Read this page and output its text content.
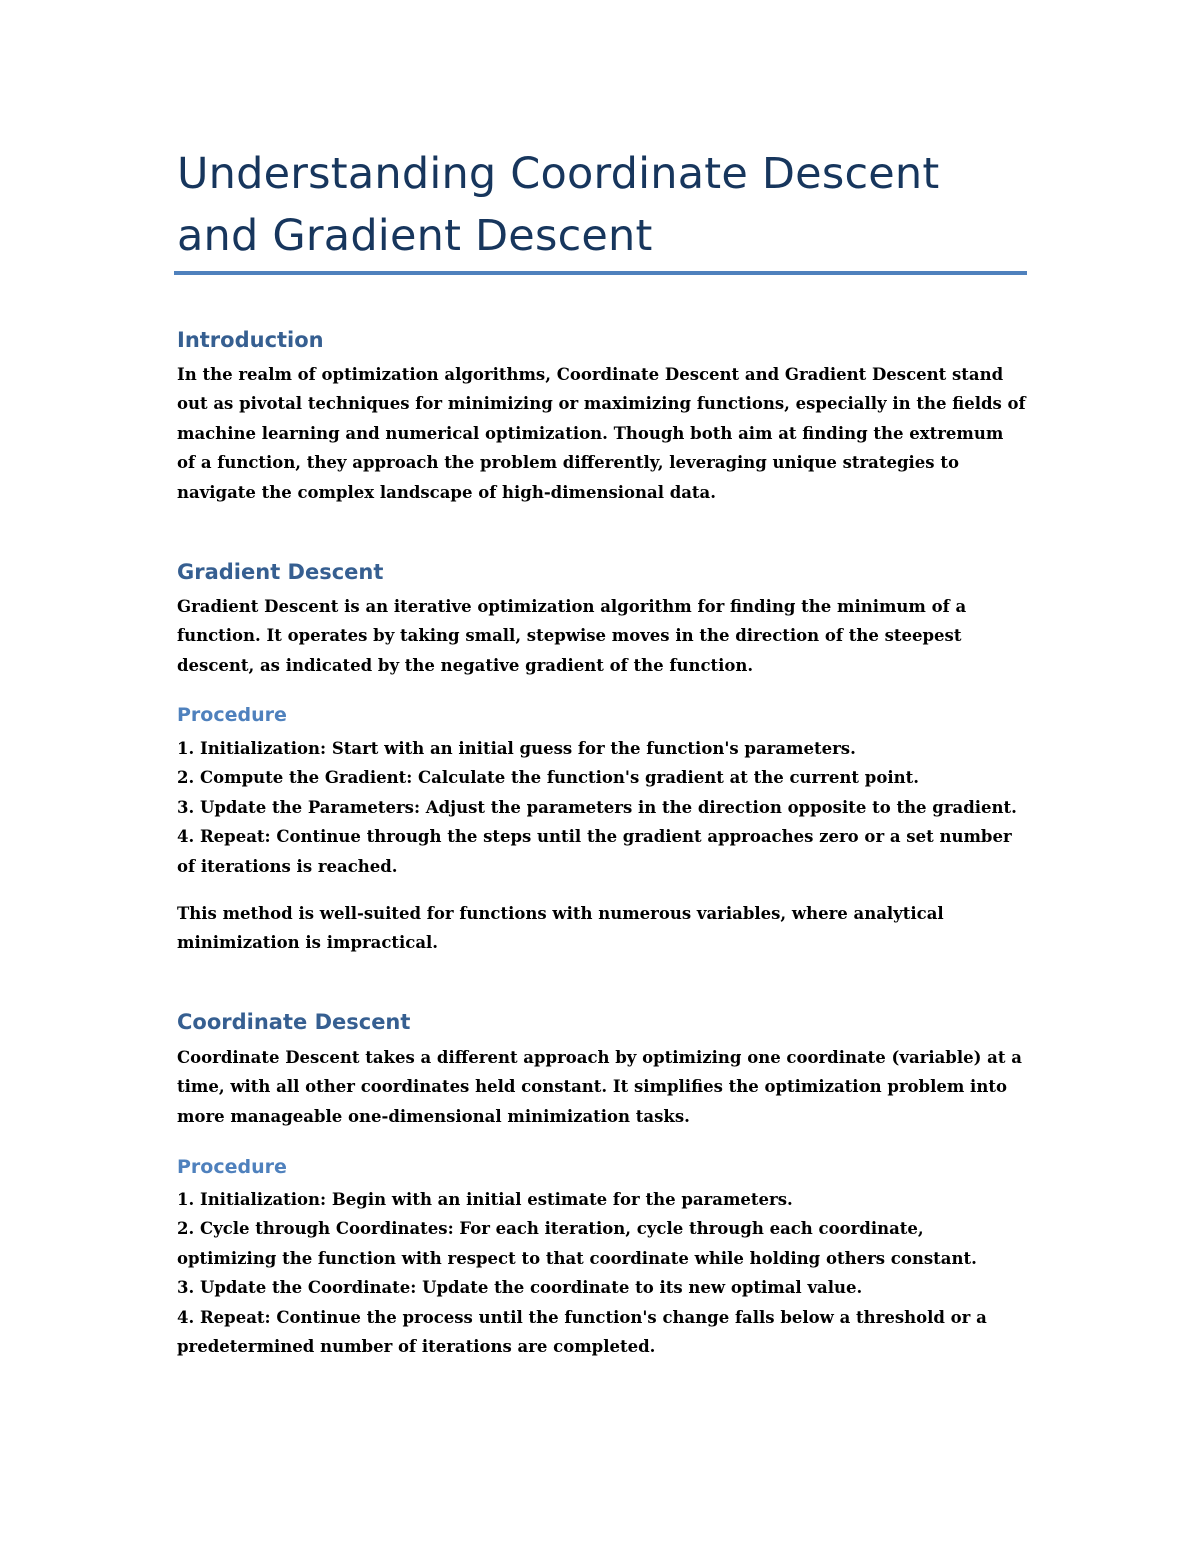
Understanding Coordinate Descent and Gradient Descent
Introduction

In the realm of optimization algorithms, Coordinate Descent and Gradient Descent stand out as pivotal techniques for minimizing or maximizing functions, especially in the fields of machine learning and numerical optimization. Though both aim at finding the extremum of a function, they approach the problem differently, leveraging unique strategies to navigate the complex landscape of high-dimensional data.

Gradient Descent

Gradient Descent is an iterative optimization algorithm for finding the minimum of a function. It operates by taking small, stepwise moves in the direction of the steepest descent, as indicated by the negative gradient of the function.

Procedure
1. Initialization: Start with an initial guess for the function's parameters.
2. Compute the Gradient: Calculate the function's gradient at the current point.
3. Update the Parameters: Adjust the parameters in the direction opposite to the gradient.
4. Repeat: Continue through the steps until the gradient approaches zero or a set number of iterations is reached.

This method is well-suited for functions with numerous variables, where analytical minimization is impractical.

Coordinate Descent

Coordinate Descent takes a different approach by optimizing one coordinate (variable) at a time, with all other coordinates held constant. It simplifies the optimization problem into more manageable one-dimensional minimization tasks.

Procedure
1. Initialization: Begin with an initial estimate for the parameters.
2. Cycle through Coordinates: For each iteration, cycle through each coordinate, optimizing the function with respect to that coordinate while holding others constant.
3. Update the Coordinate: Update the coordinate to its new optimal value.
4. Repeat: Continue the process until the function's change falls below a threshold or a predetermined number of iterations are completed.
